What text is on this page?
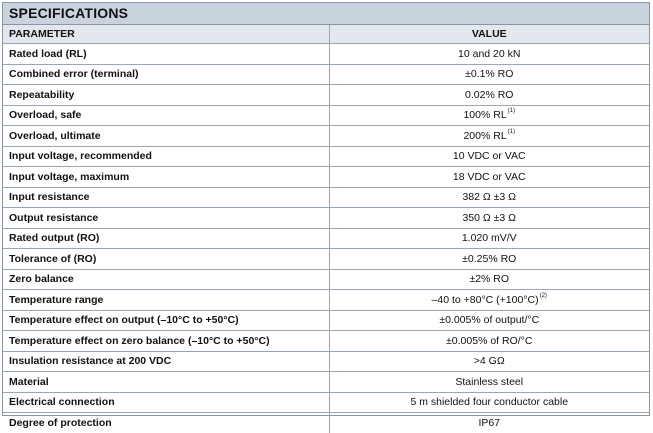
SPECIFICATIONS
PARAMETER	VALUE
Rated load (RL)	10 and 20 kN
Combined error (terminal)	±0.1% RO
Repeatability	0.02% RO
Overload, safe	100% RL$^{(1)}$
Overload, ultimate	200% RL$^{(1)}$
Input voltage, recommended	10 VDC or VAC
Input voltage, maximum	18 VDC or VAC
Input resistance	382 Ω ±3 Ω
Output resistance	350 Ω ±3 Ω
Rated output (RO)	1.020 mV/V
Tolerance of (RO)	±0.25% RO
Zero balance	±2% RO
Temperature range	–40 to +80°C $(+100^\circ C)^{(2)}$
Temperature effect on output (–10°C to +50°C)	±0.005% of output/°C
Temperature effect on zero balance (–10°C to +50°C)	±0.005% of RO/°C
Insulation resistance at 200 VDC	>4 GΩ
Material	Stainless steel
Electrical connection	5 m shielded four conductor cable
Degree of protection	IP67
